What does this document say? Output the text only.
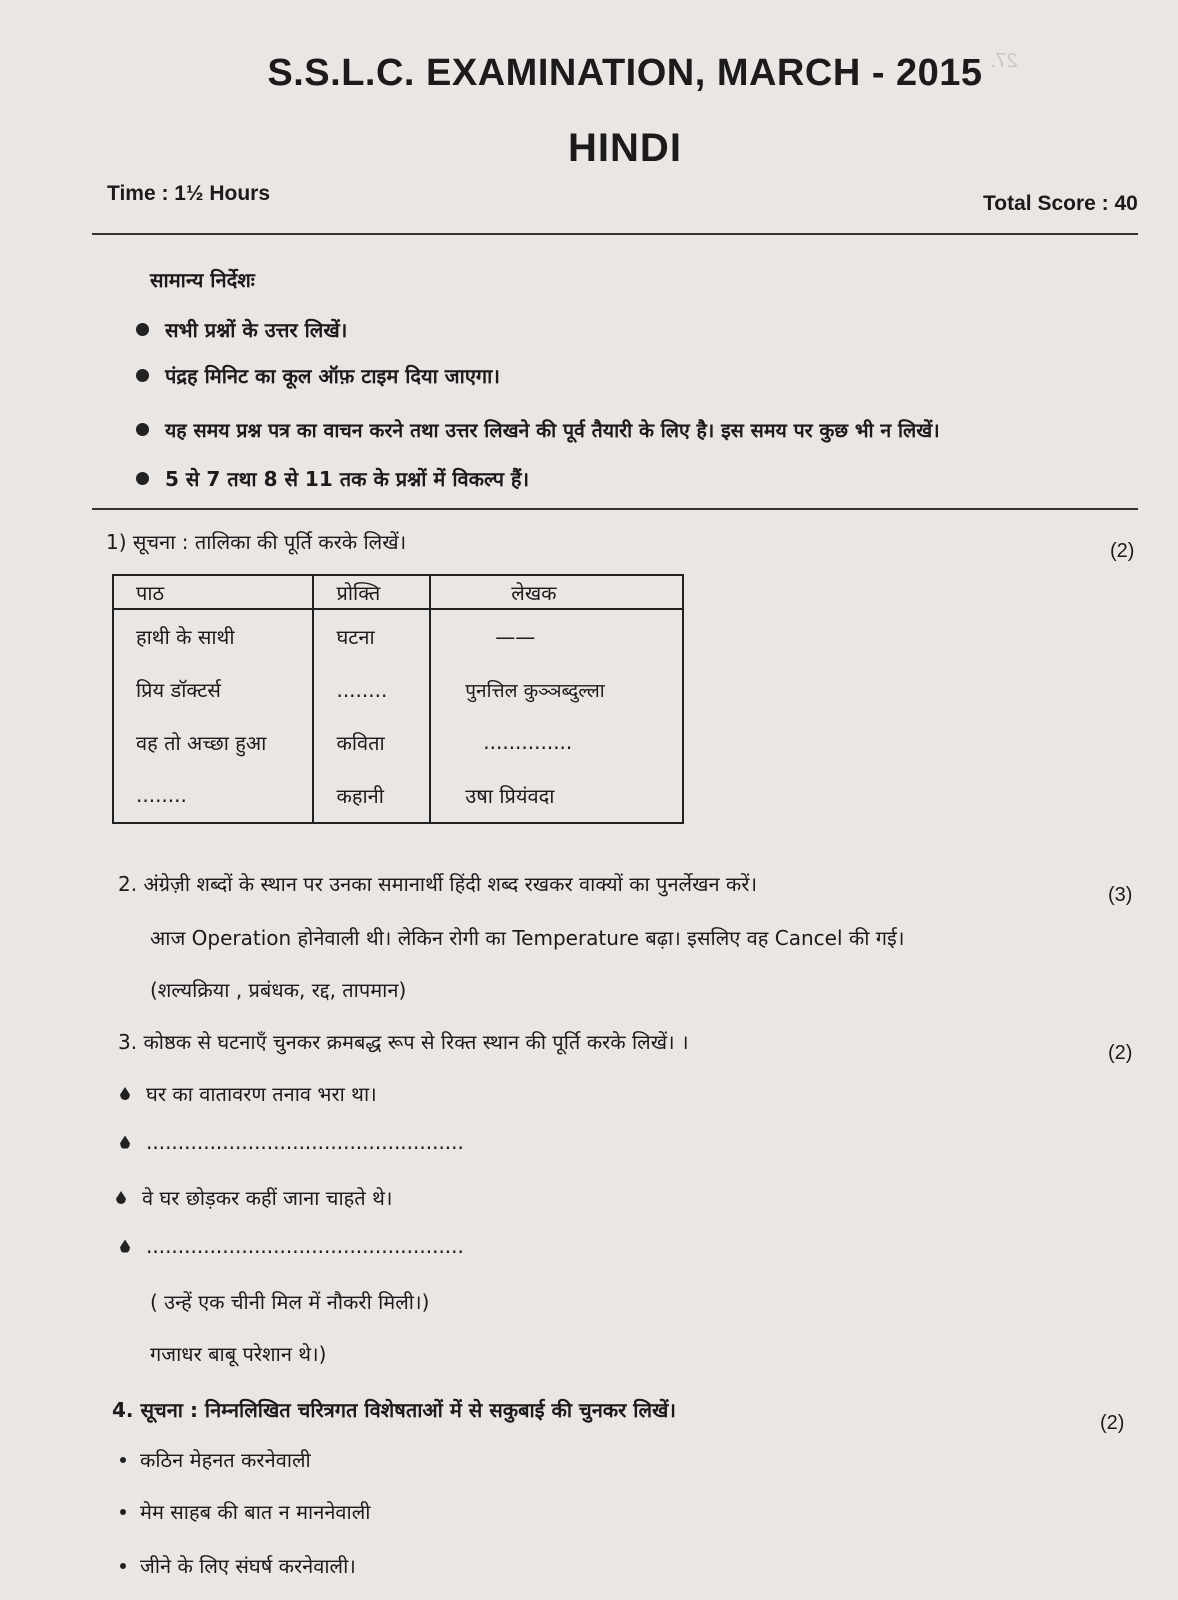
27.
S.S.L.C. EXAMINATION, MARCH - 2015
HINDI
Time : 1½ Hours	Total Score : 40
सामान्य निर्देशः
सभी प्रश्नों के उत्तर लिखें।
पंद्रह मिनिट का कूल ऑफ़ टाइम दिया जाएगा।
यह समय प्रश्न पत्र का वाचन करने तथा उत्तर लिखने की पूर्व तैयारी के लिए है। इस समय पर कुछ भी न लिखें।
5 से 7 तथा 8 से 11 तक के प्रश्नों में विकल्प हैं।
1) सूचना : तालिका की पूर्ति करके लिखें।	(2)
पाठ	प्रोक्ति	लेखक
हाथी के साथी	घटना	——
प्रिय डॉक्टर्स	........	पुनत्तिल कुञ्ञब्दुल्ला
वह तो अच्छा हुआ	कविता	..............
........	कहानी	उषा प्रियंवदा
2. अंग्रेज़ी शब्दों के स्थान पर उनका समानार्थी हिंदी शब्द रखकर वाक्यों का पुनर्लेखन करें।	(3)
आज Operation होनेवाली थी। लेकिन रोगी का Temperature बढ़ा। इसलिए वह Cancel की गई।
(शल्यक्रिया , प्रबंधक, रद्द, तापमान)
3. कोष्ठक से घटनाएँ चुनकर क्रमबद्ध रूप से रिक्त स्थान की पूर्ति करके लिखें। ।	(2)
घर का वातावरण तनाव भरा था।
..................................................
वे घर छोड़कर कहीं जाना चाहते थे।
..................................................
( उन्हें एक चीनी मिल में नौकरी मिली।)
गजाधर बाबू परेशान थे।)
4. सूचना : निम्नलिखित चरित्रगत विशेषताओं में से सकुबाई की चुनकर लिखें।
(2)
कठिन मेहनत करनेवाली
मेम साहब की बात न माननेवाली
जीने के लिए संघर्ष करनेवाली।
